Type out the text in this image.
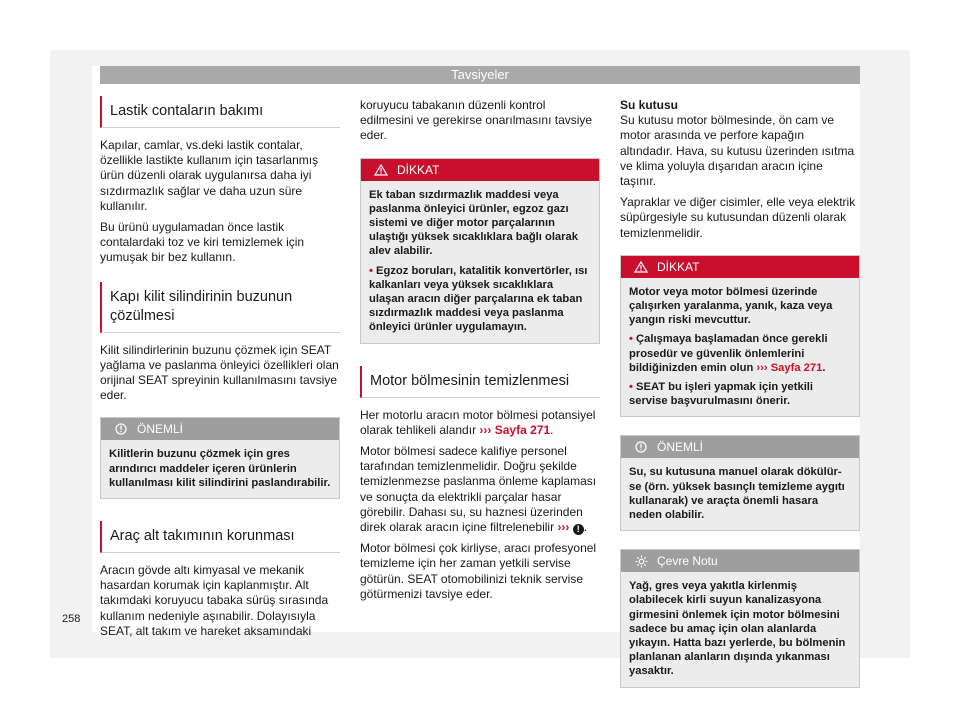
Tavsiyeler
Lastik contaların bakımı

Kapılar, camlar, vs.deki lastik contalar, özellikle lastikte kullanım için tasarlanmış ürün düzenli olarak uygulanırsa daha iyi sızdırmazlık sağlar ve daha uzun süre kullanılır.

Bu ürünü uygulamadan önce lastik contalardaki toz ve kiri temizlemek için yumuşak bir bez kullanın.

Kapı kilit silindirinin buzunun çözülmesi

Kilit silindirlerinin buzunu çözmek için SEAT yağlama ve paslanma önleyici özellikleri olan orijinal SEAT spreyinin kullanılmasını tavsiye eder.

ÖNEMLİ
Kilitlerin buzunu çözmek için gres arındırıcı maddeler içeren ürünlerin kullanılması kilit silindirini paslandırabilir.
Araç alt takımının korunması

Aracın gövde altı kimyasal ve mekanik hasardan korumak için kaplanmıştır. Alt takımdaki koruyucu tabaka sürüş sırasında kullanım nedeniyle aşınabilir. Dolayısıyla SEAT, alt takım ve hareket aksamındaki

koruyucu tabakanın düzenli kontrol edilmesini ve gerekirse onarılmasını tavsiye eder.

DİKKAT
Ek taban sızdırmazlık maddesi veya paslanma önleyici ürünler, egzoz gazı sistemi ve diğer motor parçalarının ulaştığı yüksek sıcaklıklara bağlı olarak alev alabilir.
• Egzoz boruları, katalitik konvertörler, ısı kalkanları veya yüksek sıcaklıklara ulaşan aracın diğer parçalarına ek taban sızdırmazlık maddesi veya paslanma önleyici ürünler uygulamayın.
Motor bölmesinin temizlenmesi

Her motorlu aracın motor bölmesi potansiyel olarak tehlikeli alandır ››› Sayfa 271.

Motor bölmesi sadece kalifiye personel tarafından temizlenmelidir. Doğru şekilde temizlenmezse paslanma önleme kaplaması ve sonuçta da elektrikli parçalar hasar görebilir. Dahası su, su haznesi üzerinden direk olarak aracın içine filtrelenebilir ››› ! .

Motor bölmesi çok kirliyse, aracı profesyonel temizleme için her zaman yetkili servise götürün. SEAT otomobilinizi teknik servise götürmenizi tavsiye eder.

Su kutusu

Su kutusu motor bölmesinde, ön cam ve motor arasında ve perfore kapağın altındadır. Hava, su kutusu üzerinden ısıtma ve klima yoluyla dışarıdan aracın içine taşınır.

Yapraklar ve diğer cisimler, elle veya elektrik süpürgesiyle su kutusundan düzenli olarak temizlenmelidir.

DİKKAT
Motor veya motor bölmesi üzerinde çalışırken yaralanma, yanık, kaza veya yangın riski mevcuttur.
• Çalışmaya başlamadan önce gerekli prosedür ve güvenlik önlemlerini bildiğinizden emin olun ››› Sayfa 271.
• SEAT bu işleri yapmak için yetkili servise başvurulmasını önerir.
ÖNEMLİ
Su, su kutusuna manuel olarak dökülür-se (örn. yüksek basınçlı temizleme aygıtı kullanarak) ve araçta önemli hasara neden olabilir.
Çevre Notu
Yağ, gres veya yakıtla kirlenmiş olabilecek kirli suyun kanalizasyona girmesini önlemek için motor bölmesini sadece bu amaç için olan alanlarda yıkayın. Hatta bazı yerlerde, bu bölmenin planlanan alanların dışında yıkanması yasaktır.
258
